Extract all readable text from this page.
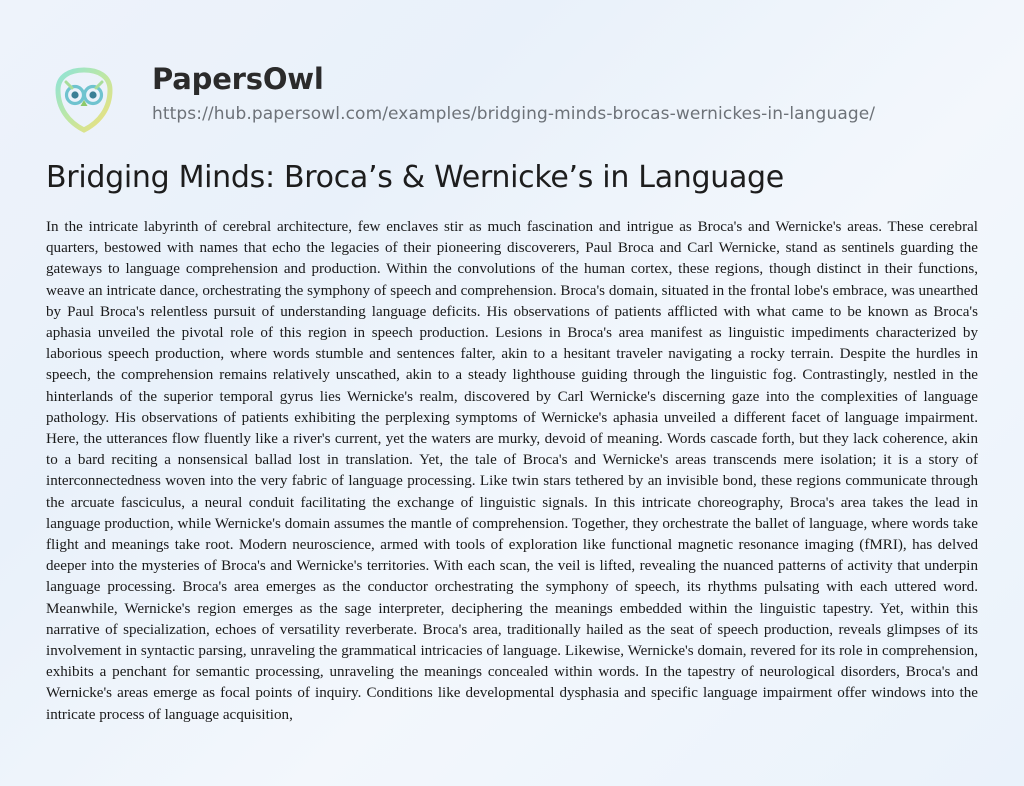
PapersOwl
https://hub.papersowl.com/examples/bridging-minds-brocas-wernickes-in-language/
Bridging Minds: Broca’s & Wernicke’s in Language

In the intricate labyrinth of cerebral architecture, few enclaves stir as much fascination and intrigue as Broca's and Wernicke's areas. These cerebral quarters, bestowed with names that echo the legacies of their pioneering discoverers, Paul Broca and Carl Wernicke, stand as sentinels guarding the gateways to language comprehension and production. Within the convolutions of the human cortex, these regions, though distinct in their functions, weave an intricate dance, orchestrating the symphony of speech and comprehension. Broca's domain, situated in the frontal lobe's embrace, was unearthed by Paul Broca's relentless pursuit of understanding language deficits. His observations of patients afflicted with what came to be known as Broca's aphasia unveiled the pivotal role of this region in speech production. Lesions in Broca's area manifest as linguistic impediments characterized by laborious speech production, where words stumble and sentences falter, akin to a hesitant traveler navigating a rocky terrain. Despite the hurdles in speech, the comprehension remains relatively unscathed, akin to a steady lighthouse guiding through the linguistic fog. Contrastingly, nestled in the hinterlands of the superior temporal gyrus lies Wernicke's realm, discovered by Carl Wernicke's discerning gaze into the complexities of language pathology. His observations of patients exhibiting the perplexing symptoms of Wernicke's aphasia unveiled a different facet of language impairment. Here, the utterances flow fluently like a river's current, yet the waters are murky, devoid of meaning. Words cascade forth, but they lack coherence, akin to a bard reciting a nonsensical ballad lost in translation. Yet, the tale of Broca's and Wernicke's areas transcends mere isolation; it is a story of interconnectedness woven into the very fabric of language processing. Like twin stars tethered by an invisible bond, these regions communicate through the arcuate fasciculus, a neural conduit facilitating the exchange of linguistic signals. In this intricate choreography, Broca's area takes the lead in language production, while Wernicke's domain assumes the mantle of comprehension. Together, they orchestrate the ballet of language, where words take flight and meanings take root. Modern neuroscience, armed with tools of exploration like functional magnetic resonance imaging (fMRI), has delved deeper into the mysteries of Broca's and Wernicke's territories. With each scan, the veil is lifted, revealing the nuanced patterns of activity that underpin language processing. Broca's area emerges as the conductor orchestrating the symphony of speech, its rhythms pulsating with each uttered word. Meanwhile, Wernicke's region emerges as the sage interpreter, deciphering the meanings embedded within the linguistic tapestry. Yet, within this narrative of specialization, echoes of versatility reverberate. Broca's area, traditionally hailed as the seat of speech production, reveals glimpses of its involvement in syntactic parsing, unraveling the grammatical intricacies of language. Likewise, Wernicke's domain, revered for its role in comprehension, exhibits a penchant for semantic processing, unraveling the meanings concealed within words. In the tapestry of neurological disorders, Broca's and Wernicke's areas emerge as focal points of inquiry. Conditions like developmental dysphasia and specific language impairment offer windows into the intricate process of language acquisition,
